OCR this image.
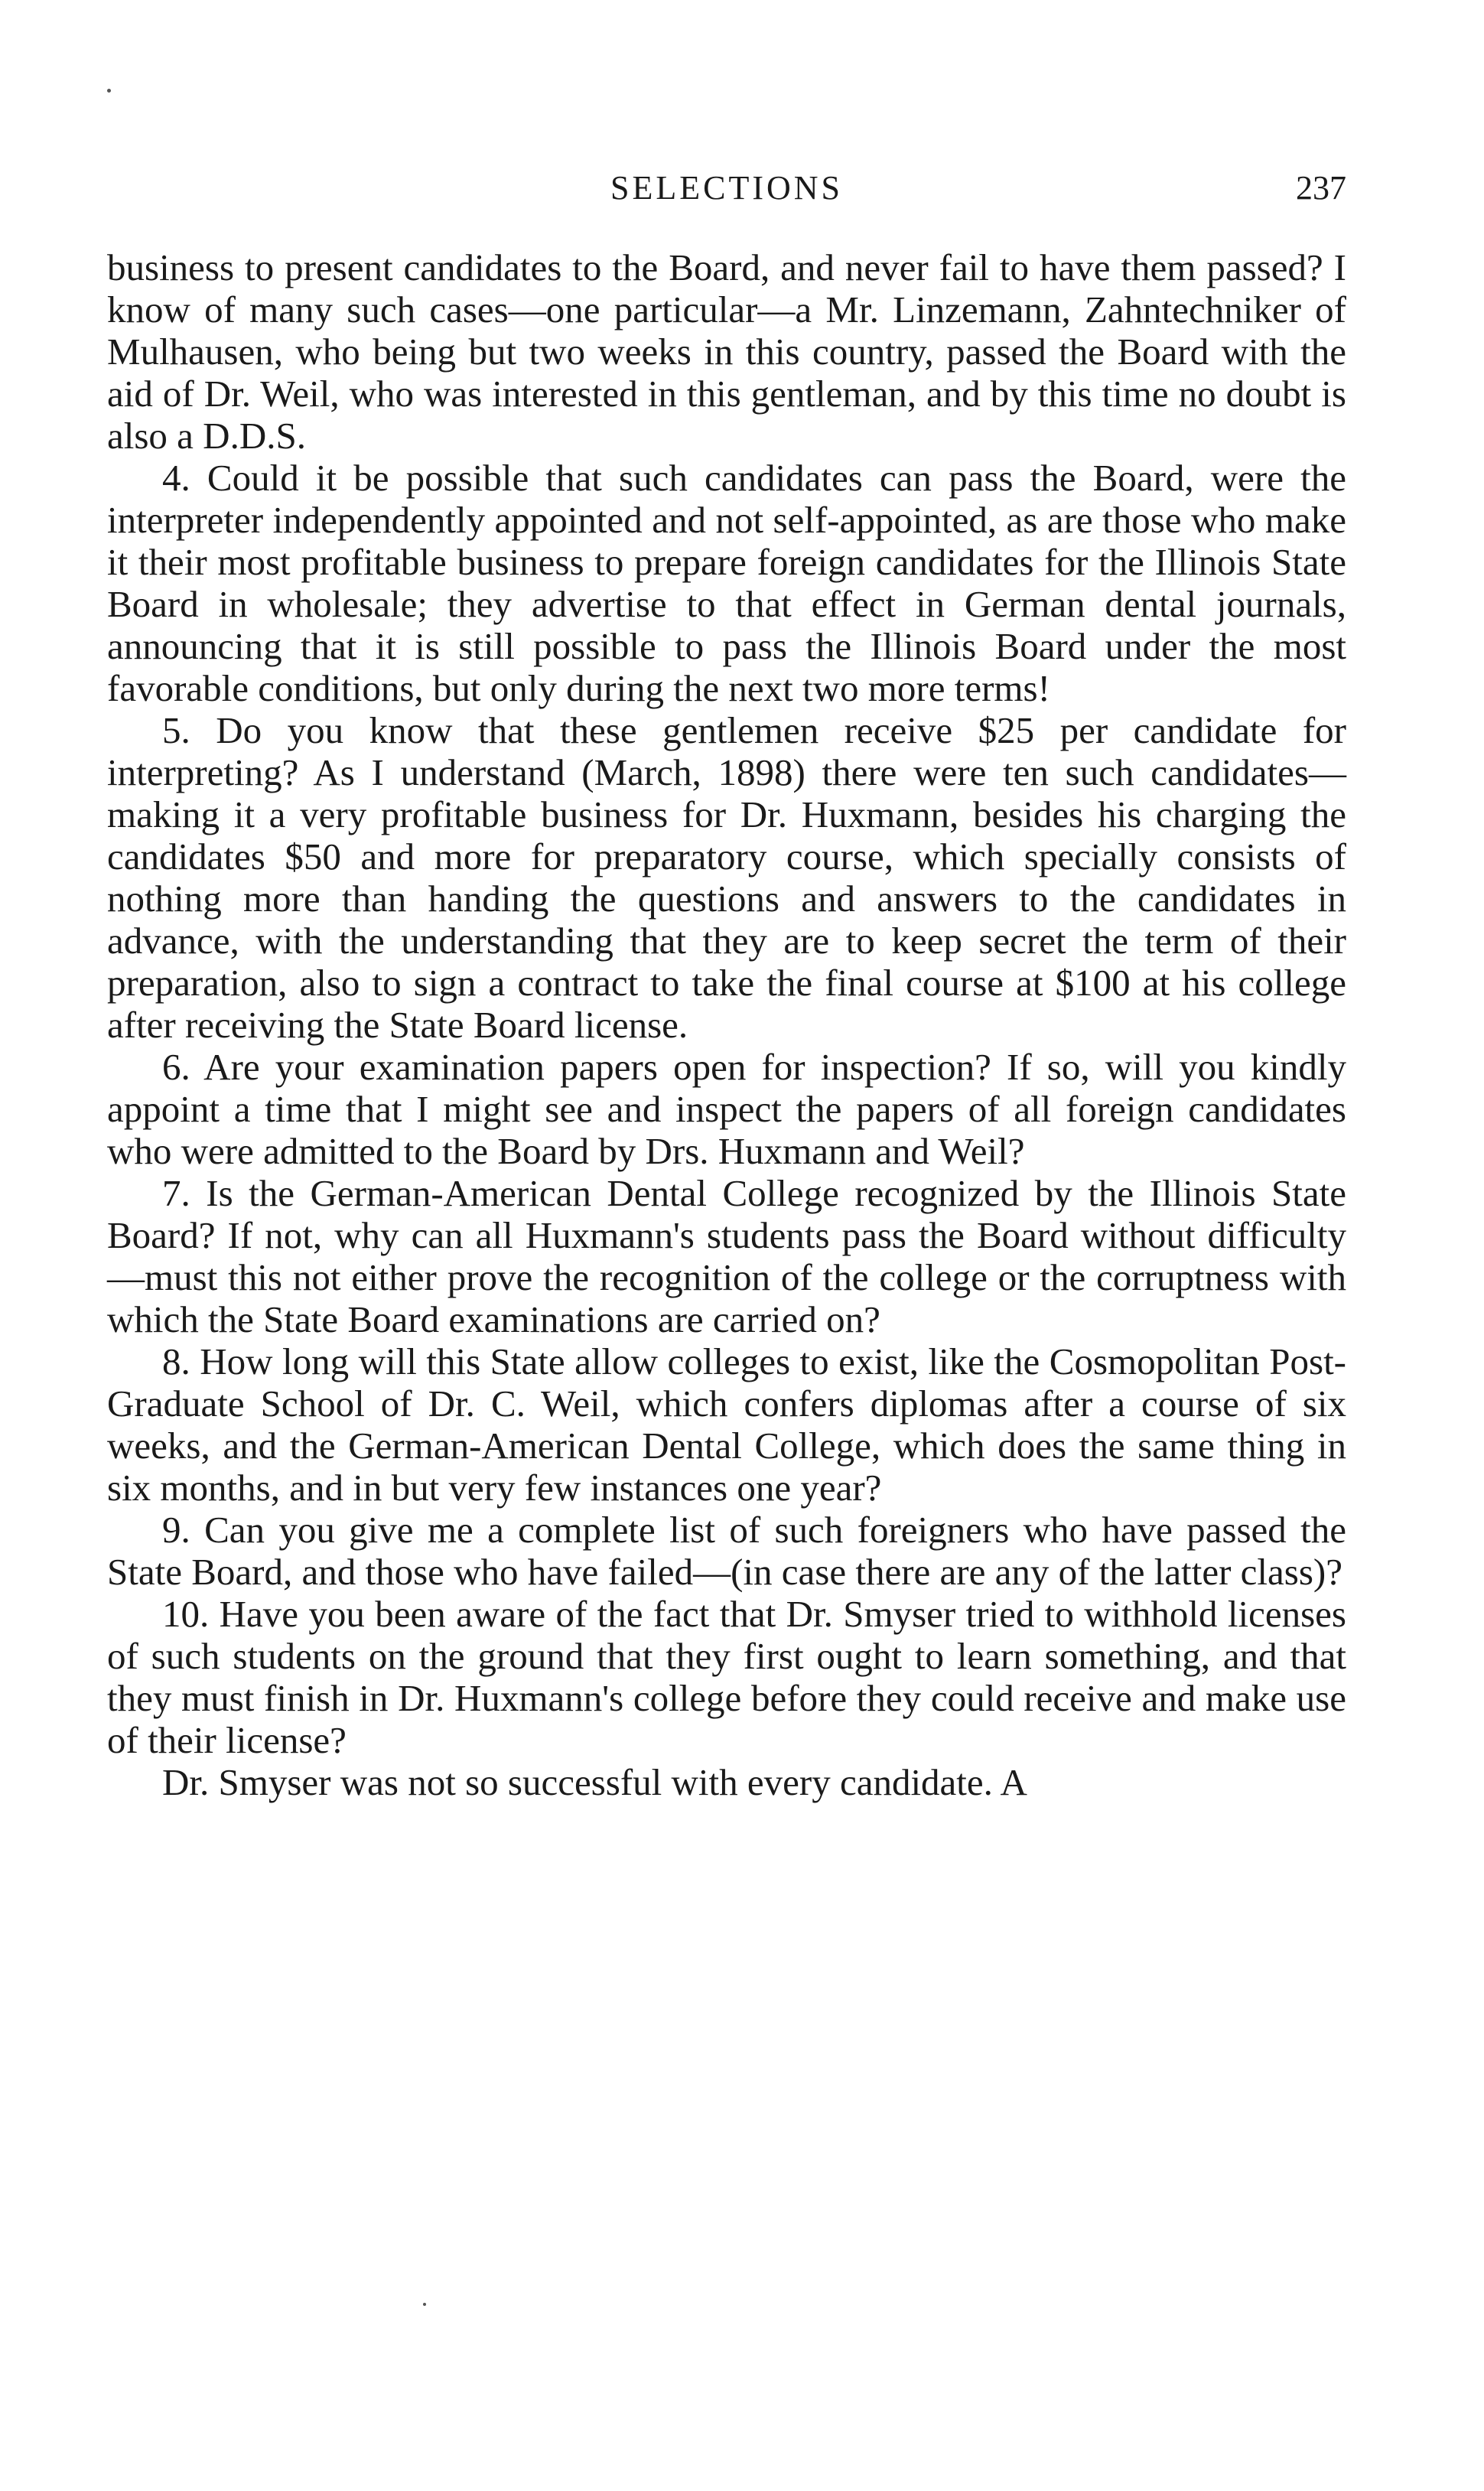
SELECTIONS	237

business to present candidates to the Board, and never fail to have them passed? I know of many such cases—one particular—a Mr. Linzemann, Zahntechniker of Mulhausen, who being but two weeks in this country, passed the Board with the aid of Dr. Weil, who was interested in this gentleman, and by this time no doubt is also a D.D.S.

4. Could it be possible that such candidates can pass the Board, were the interpreter independently appointed and not self-appointed, as are those who make it their most profitable business to prepare foreign candidates for the Illinois State Board in wholesale; they advertise to that effect in German dental journals, announcing that it is still possible to pass the Illinois Board under the most favorable conditions, but only during the next two more terms!

5. Do you know that these gentlemen receive $25 per candidate for interpreting? As I understand (March, 1898) there were ten such candidates—making it a very profitable business for Dr. Huxmann, besides his charging the candidates $50 and more for preparatory course, which specially consists of nothing more than handing the questions and answers to the candidates in advance, with the understanding that they are to keep secret the term of their preparation, also to sign a contract to take the final course at $100 at his college after receiving the State Board license.

6. Are your examination papers open for inspection? If so, will you kindly appoint a time that I might see and inspect the papers of all foreign candidates who were admitted to the Board by Drs. Huxmann and Weil?

7. Is the German-American Dental College recognized by the Illinois State Board? If not, why can all Huxmann's students pass the Board without difficulty—must this not either prove the recognition of the college or the corruptness with which the State Board examinations are carried on?

8. How long will this State allow colleges to exist, like the Cosmopolitan Post-Graduate School of Dr. C. Weil, which confers diplomas after a course of six weeks, and the German-American Dental College, which does the same thing in six months, and in but very few instances one year?

9. Can you give me a complete list of such foreigners who have passed the State Board, and those who have failed—(in case there are any of the latter class)?

10. Have you been aware of the fact that Dr. Smyser tried to withhold licenses of such students on the ground that they first ought to learn something, and that they must finish in Dr. Huxmann's college before they could receive and make use of their license?

Dr. Smyser was not so successful with every candidate. A
